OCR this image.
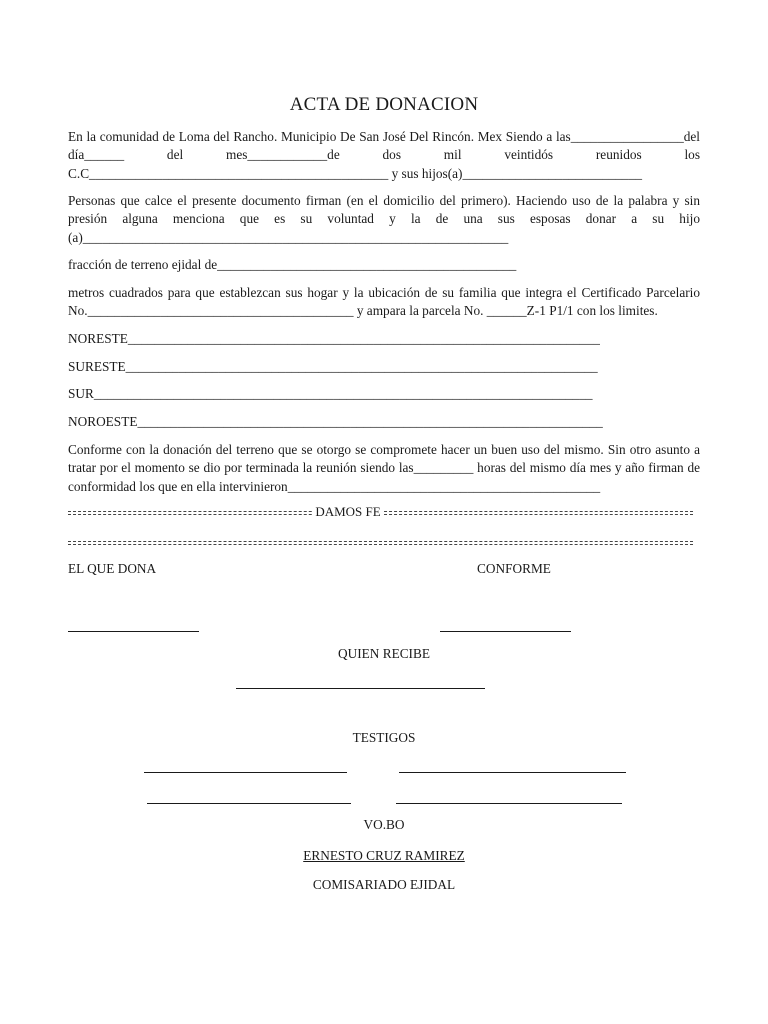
ACTA DE DONACION
En la comunidad de Loma del Rancho. Municipio De San José Del Rincón. Mex Siendo a las_________________del día______ del mes____________de dos mil veintidós reunidos los C.C_____________________________________________ y sus hijos(a)___________________________
Personas que calce el presente documento firman (en el domicilio del primero). Haciendo uso de la palabra y sin presión alguna menciona que es su voluntad y la de una sus esposas donar a su hijo (a)________________________________________________________________
fracción de terreno ejidal de_____________________________________________
metros cuadrados para que establezcan sus hogar y la ubicación de su familia que integra el Certificado Parcelario No.________________________________________ y ampara la parcela No. ______Z-1 P1/1 con los limites.
NORESTE_______________________________________________________________________
SURESTE_______________________________________________________________________
SUR___________________________________________________________________________
NOROESTE______________________________________________________________________
Conforme con la donación del terreno que se otorgo se compromete hacer un buen uso del mismo. Sin otro asunto a tratar por el momento se dio por terminada la reunión siendo las_________ horas del mismo día mes y año firman de conformidad los que en ella intervinieron_______________________________________________
DAMOS FE
EL QUE DONA	CONFORME
QUIEN RECIBE
TESTIGOS
VO.BO
ERNESTO CRUZ RAMIREZ
COMISARIADO EJIDAL
